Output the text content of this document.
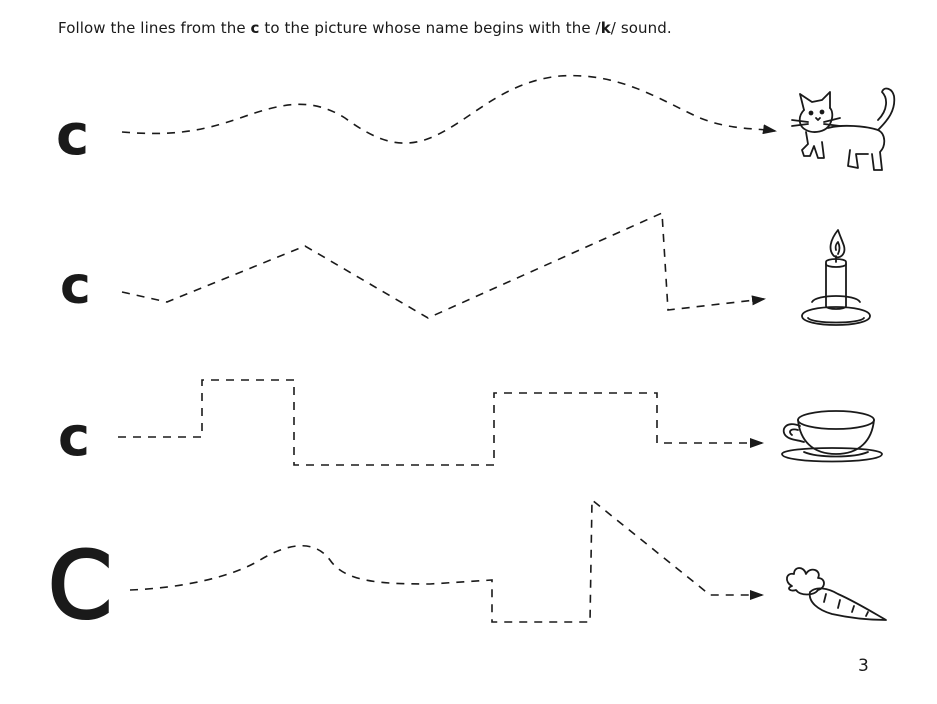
Follow the lines from the c to the picture whose name begins with the /k/ sound.
c
c
c
C
3
